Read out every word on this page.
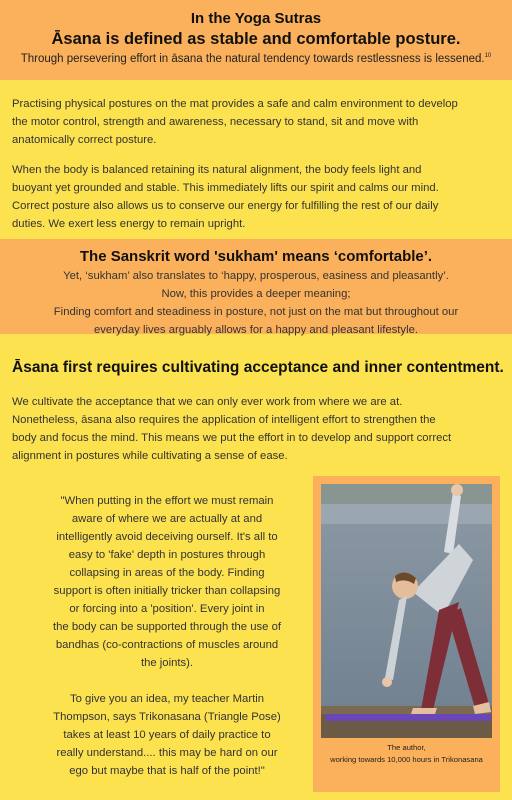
In the Yoga Sutras
Āsana is defined as stable and comfortable posture.
Through persevering effort in āsana the natural tendency towards restlessness is lessened.$^{10}$
Practising physical postures on the mat provides a safe and calm environment to develop
the motor control, strength and awareness, necessary to stand, sit and move with
anatomically correct posture.
When the body is balanced retaining its natural alignment, the body feels light and
buoyant yet grounded and stable. This immediately lifts our spirit and calms our mind.
Correct posture also allows us to conserve our energy for fulfilling the rest of our daily
duties. We exert less energy to remain upright.
The Sanskrit word 'sukham' means ‘comfortable’.
Yet, ‘sukham’ also translates to ‘happy, prosperous, easiness and pleasantly’.
Now, this provides a deeper meaning;
Finding comfort and steadiness in posture, not just on the mat but throughout our
everyday lives arguably allows for a happy and pleasant lifestyle.
Āsana first requires cultivating acceptance and inner contentment.
We cultivate the acceptance that we can only ever work from where we are at.
Nonetheless, āsana also requires the application of intelligent effort to strengthen the
body and focus the mind. This means we put the effort in to develop and support correct
alignment in postures while cultivating a sense of ease.
"When putting in the effort we must remain
aware of where we are actually at and
intelligently avoid deceiving ourself. It's all to
easy to 'fake' depth in postures through
collapsing in areas of the body. Finding
support is often initially tricker than collapsing
or forcing into a 'position'. Every joint in
the body can be supported through the use of
bandhas (co-contractions of muscles around
the joints).

To give you an idea, my teacher Martin
Thompson, says Trikonasana (Triangle Pose)
takes at least 10 years of daily practice to
really understand.... this may be hard on our
ego but maybe that is half of the point!"
The author,
working towards 10,000 hours in Trikonasana
